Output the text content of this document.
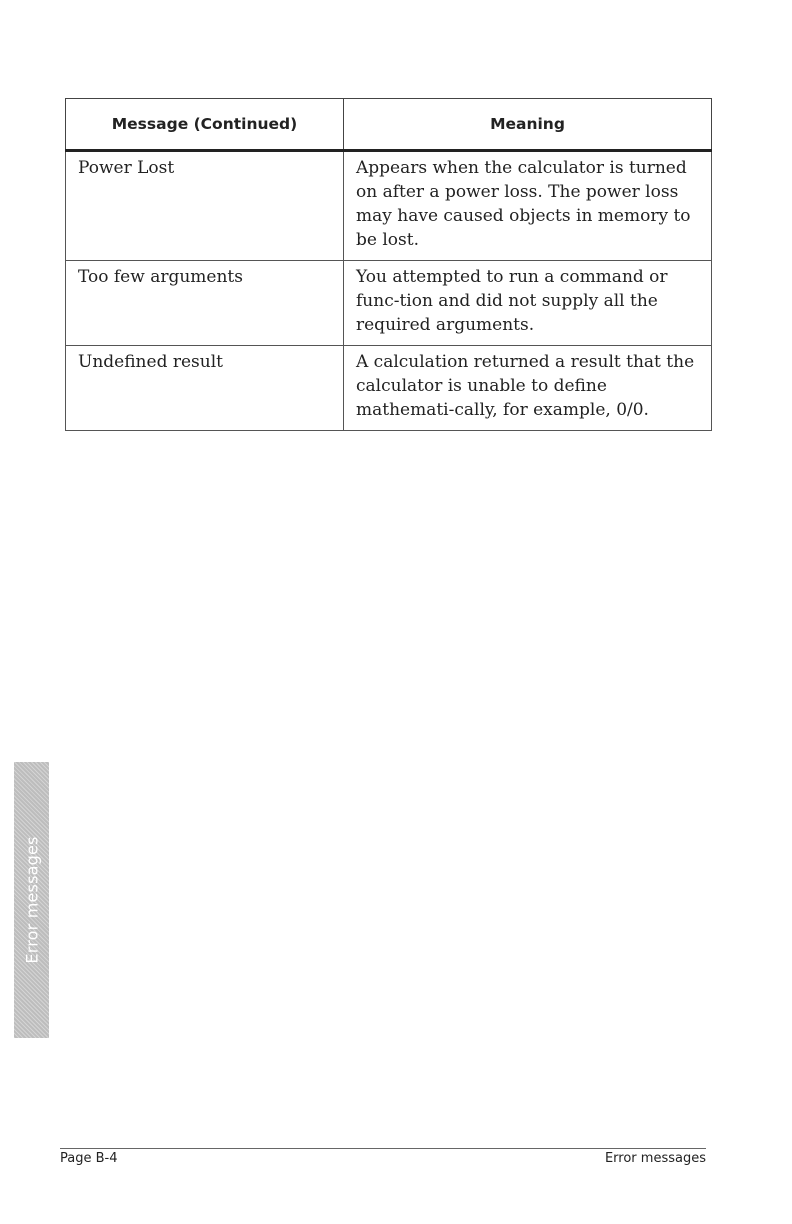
Message (Continued)	Meaning
Power Lost	Appears when the calculator is turned on after a power loss. The power loss may have caused objects in memory to be lost.
Too few arguments	You attempted to run a command or func-tion and did not supply all the required arguments.
Undefined result	A calculation returned a result that the calculator is unable to define mathemati-cally, for example, 0/0.
Error messages
Page B-4	Error messages
